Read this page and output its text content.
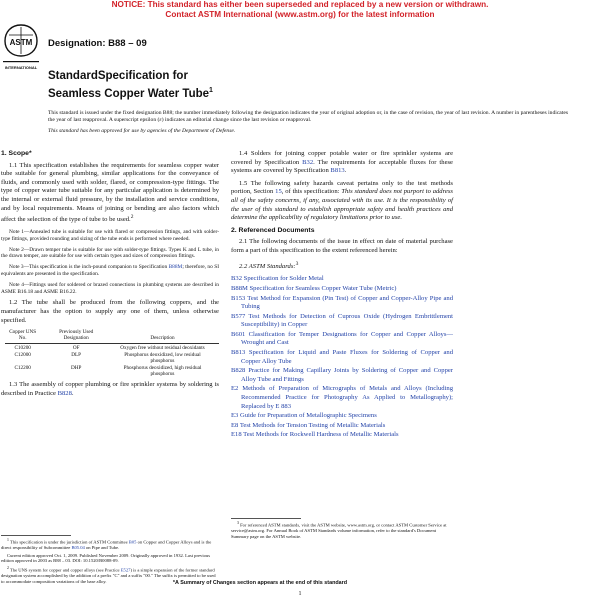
NOTICE: This standard has either been superseded and replaced by a new version or withdrawn.
Contact ASTM International (www.astm.org) for the latest information
ASTM
INTERNATIONAL
Designation: B88 – 09
StandardSpecification for
Seamless Copper Water Tube$^1$

This standard is issued under the fixed designation B88; the number immediately following the designation indicates the year of original adoption or, in the case of revision, the year of last revision. A number in parentheses indicates the year of last reapproval. A superscript epsilon (ε) indicates an editorial change since the last revision or reapproval.

This standard has been approved for use by agencies of the Department of Defense.

1. Scope*

1.1 This specification establishes the requirements for seamless copper water tube suitable for general plumbing, similar applications for the conveyance of fluids, and commonly used with solder, flared, or compression-type fittings. The type of copper water tube suitable for any particular application is determined by the internal or external fluid pressure, by the installation and service conditions, and by local requirements. Means of joining or bending are also factors which affect the selection of the type of tube to be used.$^2$

Note 1—Annealed tube is suitable for use with flared or compression fittings, and with solder-type fittings, provided rounding and sizing of the tube ends is performed where needed.

Note 2—Drawn temper tube is suitable for use with solder-type fittings. Types K and L tube, in the drawn temper, are suitable for use with certain types and sizes of compression fittings.

Note 3—This specification is the inch-pound companion to Specification B88M; therefore, no SI equivalents are presented in the specification.

Note 4—Fittings used for soldered or brazed connections in plumbing systems are described in ASME B16.18 and ASME B16.22.

1.2 The tube shall be produced from the following coppers, and the manufacturer has the option to supply any one of them, unless otherwise specified.

Copper UNS No.	Previously Used Designation	Description
C10200	OF	Oxygen free without residual deoxidants
C12000	DLP	Phosphorus deoxidized, low residual phosphorus
C12200	DHP	Phosphorus deoxidized, high residual phosphorus

1.3 The assembly of copper plumbing or fire sprinkler systems by soldering is described in Practice B828.

1.4 Solders for joining copper potable water or fire sprinkler systems are covered by Specification B32. The requirements for acceptable fluxes for these systems are covered by Specification B813.

1.5 The following safety hazards caveat pertains only to the test methods portion, Section 15, of this specification: This standard does not purport to address all of the safety concerns, if any, associated with its use. It is the responsibility of the user of this standard to establish appropriate safety and health practices and determine the applicability of regulatory limitations prior to use.

2. Referenced Documents

2.1 The following documents of the issue in effect on date of material purchase form a part of this specification to the extent referenced herein:

2.2 ASTM Standards:$^3$

B32 Specification for Solder Metal
B88M Specification for Seamless Copper Water Tube (Metric)
B153 Test Method for Expansion (Pin Test) of Copper and Copper-Alloy Pipe and Tubing
B577 Test Methods for Detection of Cuprous Oxide (Hydrogen Embrittlement Susceptibility) in Copper
B601 Classification for Temper Designations for Copper and Copper Alloys—Wrought and Cast
B813 Specification for Liquid and Paste Fluxes for Soldering of Copper and Copper Alloy Tube
B828 Practice for Making Capillary Joints by Soldering of Copper and Copper Alloy Tube and Fittings
E2 Methods of Preparation of Micrographs of Metals and Alloys (Including Recommended Practice for Photography As Applied to Metallography); Replaced by E 883
E3 Guide for Preparation of Metallographic Specimens
E8 Test Methods for Tension Testing of Metallic Materials
E18 Test Methods for Rockwell Hardness of Metallic Materials

$^1$ This specification is under the jurisdiction of ASTM Committee B05 on Copper and Copper Alloys and is the direct responsibility of Subcommittee B05.04 on Pipe and Tube.

Current edition approved Oct. 1, 2009. Published November 2009. Originally approved in 1932. Last previous edition approved in 2003 as B88 – 03. DOI: 10.1520/B0088-09.

$^2$ The UNS system for copper and copper alloys (see Practice E527) is a simple expansion of the former standard designation system accomplished by the addition of a prefix "C" and a suffix "00." The suffix is permitted to be used to accommodate composition variations of the base alloy.

$^3$ For referenced ASTM standards, visit the ASTM website, www.astm.org, or contact ASTM Customer Service at service@astm.org. For Annual Book of ASTM Standards volume information, refer to the standard's Document Summary page on the ASTM website.

*A Summary of Changes section appears at the end of this standard
1
